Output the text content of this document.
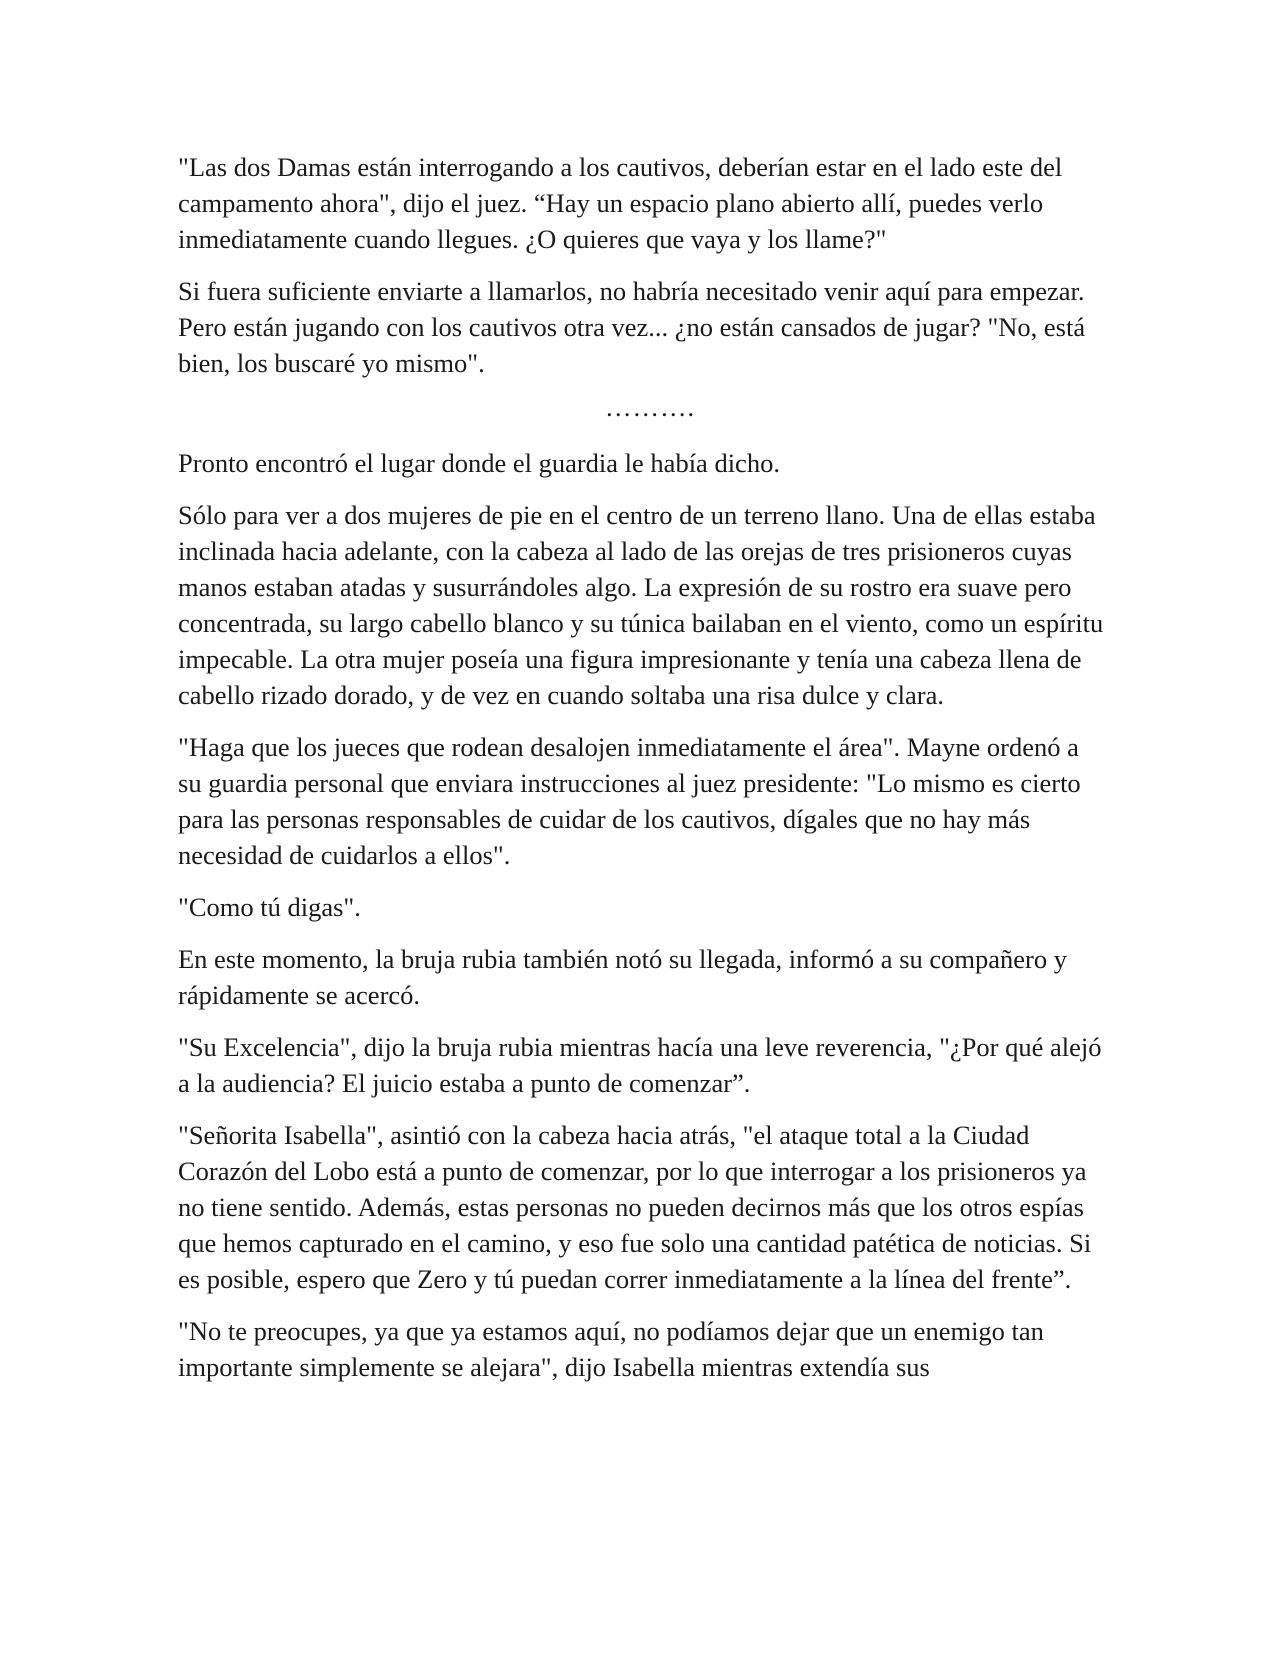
"Las dos Damas están interrogando a los cautivos, deberían estar en el lado este del campamento ahora", dijo el juez. “Hay un espacio plano abierto allí, puedes verlo inmediatamente cuando llegues. ¿O quieres que vaya y los llame?"

Si fuera suficiente enviarte a llamarlos, no habría necesitado venir aquí para empezar. Pero están jugando con los cautivos otra vez... ¿no están cansados de jugar? "No, está bien, los buscaré yo mismo".

……….

Pronto encontró el lugar donde el guardia le había dicho.

Sólo para ver a dos mujeres de pie en el centro de un terreno llano. Una de ellas estaba inclinada hacia adelante, con la cabeza al lado de las orejas de tres prisioneros cuyas manos estaban atadas y susurrándoles algo. La expresión de su rostro era suave pero concentrada, su largo cabello blanco y su túnica bailaban en el viento, como un espíritu impecable. La otra mujer poseía una figura impresionante y tenía una cabeza llena de cabello rizado dorado, y de vez en cuando soltaba una risa dulce y clara.

"Haga que los jueces que rodean desalojen inmediatamente el área". Mayne ordenó a su guardia personal que enviara instrucciones al juez presidente: "Lo mismo es cierto para las personas responsables de cuidar de los cautivos, dígales que no hay más necesidad de cuidarlos a ellos".

"Como tú digas".

En este momento, la bruja rubia también notó su llegada, informó a su compañero y rápidamente se acercó.

"Su Excelencia", dijo la bruja rubia mientras hacía una leve reverencia, "¿Por qué alejó a la audiencia? El juicio estaba a punto de comenzar”.

"Señorita Isabella", asintió con la cabeza hacia atrás, "el ataque total a la Ciudad Corazón del Lobo está a punto de comenzar, por lo que interrogar a los prisioneros ya no tiene sentido. Además, estas personas no pueden decirnos más que los otros espías que hemos capturado en el camino, y eso fue solo una cantidad patética de noticias. Si es posible, espero que Zero y tú puedan correr inmediatamente a la línea del frente”.

"No te preocupes, ya que ya estamos aquí, no podíamos dejar que un enemigo tan importante simplemente se alejara", dijo Isabella mientras extendía sus
